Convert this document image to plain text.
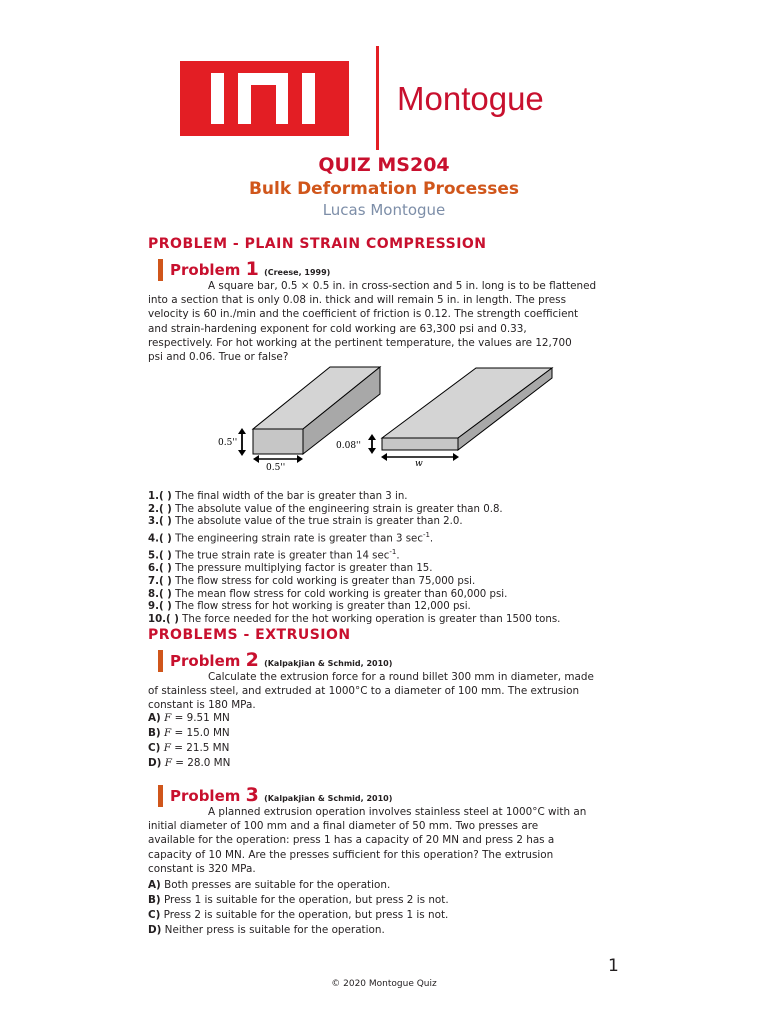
Montogue
QUIZ MS204
Bulk Deformation Processes
Lucas Montogue
PROBLEM - PLAIN STRAIN COMPRESSION
Problem 1 (Creese, 1999)
A square bar, 0.5 × 0.5 in. in cross-section and 5 in. long is to be flattened
into a section that is only 0.08 in. thick and will remain 5 in. in length. The press
velocity is 60 in./min and the coefficient of friction is 0.12. The strength coefficient
and strain-hardening exponent for cold working are 63,300 psi and 0.33,
respectively. For hot working at the pertinent temperature, the values are 12,700
psi and 0.06. True or false?
0.5''
0.5''
0.08''
w
1.( ) The final width of the bar is greater than 3 in.
2.( ) The absolute value of the engineering strain is greater than 0.8.
3.( ) The absolute value of the true strain is greater than 2.0.
4.( ) The engineering strain rate is greater than 3 $\sec^{-1}$.
5.( ) The true strain rate is greater than 14 $\sec^{-1}$.
6.( ) The pressure multiplying factor is greater than 15.
7.( ) The flow stress for cold working is greater than 75,000 psi.
8.( ) The mean flow stress for cold working is greater than 60,000 psi.
9.( ) The flow stress for hot working is greater than 12,000 psi.
10.( ) The force needed for the hot working operation is greater than 1500 tons.
PROBLEMS - EXTRUSION
Problem 2 (Kalpakjian & Schmid, 2010)
Calculate the extrusion force for a round billet 300 mm in diameter, made
of stainless steel, and extruded at 1000°C to a diameter of 100 mm. The extrusion
constant is 180 MPa.
A) F = 9.51 MN
B) F = 15.0 MN
C) F = 21.5 MN
D) F = 28.0 MN
Problem 3 (Kalpakjian & Schmid, 2010)
A planned extrusion operation involves stainless steel at 1000°C with an
initial diameter of 100 mm and a final diameter of 50 mm. Two presses are
available for the operation: press 1 has a capacity of 20 MN and press 2 has a
capacity of 10 MN. Are the presses sufficient for this operation? The extrusion
constant is 320 MPa.
A) Both presses are suitable for the operation.
B) Press 1 is suitable for the operation, but press 2 is not.
C) Press 2 is suitable for the operation, but press 1 is not.
D) Neither press is suitable for the operation.
1
© 2020 Montogue Quiz
